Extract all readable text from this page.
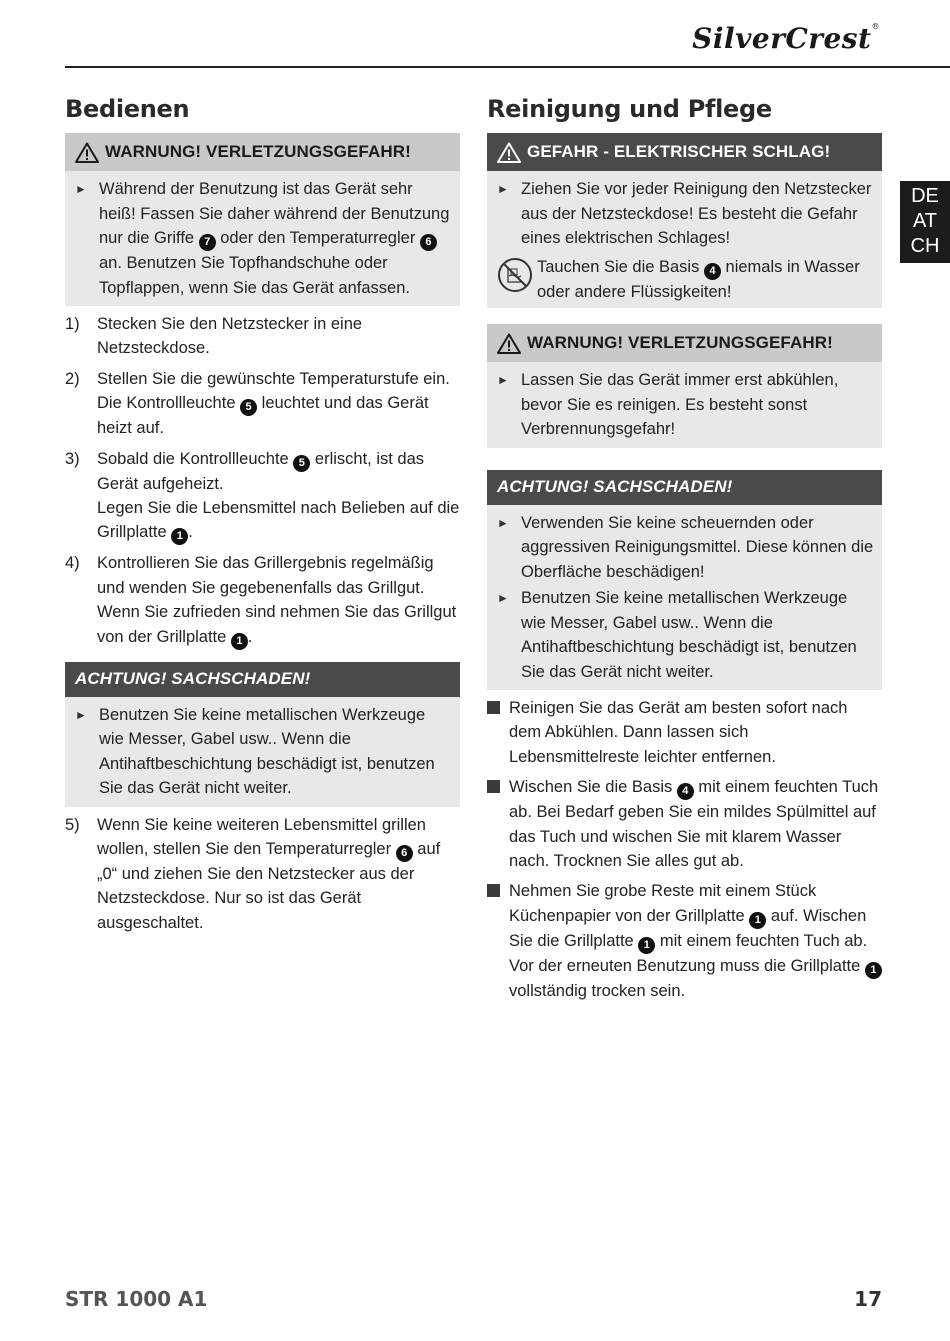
SilverCrest®
DE
AT
CH
Bedienen
WARNUNG! VERLETZUNGSGEFAHR!
► Während der Benutzung ist das Gerät sehr heiß! Fassen Sie daher während der Benutzung nur die Griffe 7 oder den Temperaturregler 6 an. Benutzen Sie Topfhandschuhe oder Topflappen, wenn Sie das Gerät anfassen.
1)	Stecken Sie den Netzstecker in eine Netzsteckdose.
2)	Stellen Sie die gewünschte Temperaturstufe ein. Die Kontrollleuchte 5 leuchtet und das Gerät heizt auf.
3)	Sobald die Kontrollleuchte 5 erlischt, ist das Gerät aufgeheizt.
Legen Sie die Lebensmittel nach Belieben auf die Grillplatte 1 .
4)	Kontrollieren Sie das Grillergebnis regelmäßig und wenden Sie gegebenenfalls das Grillgut. Wenn Sie zufrieden sind nehmen Sie das Grillgut von der Grillplatte 1 .
ACHTUNG! SACHSCHADEN!
► Benutzen Sie keine metallischen Werkzeuge wie Messer, Gabel usw.. Wenn die Antihaftbeschichtung beschädigt ist, benutzen Sie das Gerät nicht weiter.
5)	Wenn Sie keine weiteren Lebensmittel grillen wollen, stellen Sie den Temperaturregler 6 auf „0“ und ziehen Sie den Netzstecker aus der Netzsteckdose. Nur so ist das Gerät ausgeschaltet.
Reinigung und Pflege
GEFAHR - ELEKTRISCHER SCHLAG!
► Ziehen Sie vor jeder Reinigung den Netzstecker aus der Netzsteckdose! Es besteht die Gefahr eines elektrischen Schlages!
Tauchen Sie die Basis 4 niemals in Wasser oder andere Flüssigkeiten!
WARNUNG! VERLETZUNGSGEFAHR!
► Lassen Sie das Gerät immer erst abkühlen, bevor Sie es reinigen. Es besteht sonst Verbrennungsgefahr!
ACHTUNG! SACHSCHADEN!
► Verwenden Sie keine scheuernden oder aggressiven Reinigungsmittel. Diese können die Oberfläche beschädigen!
► Benutzen Sie keine metallischen Werkzeuge wie Messer, Gabel usw.. Wenn die Antihaftbeschichtung beschädigt ist, benutzen Sie das Gerät nicht weiter.
Reinigen Sie das Gerät am besten sofort nach dem Abkühlen. Dann lassen sich Lebensmittelreste leichter entfernen.
Wischen Sie die Basis 4 mit einem feuchten Tuch ab. Bei Bedarf geben Sie ein mildes Spülmittel auf das Tuch und wischen Sie mit klarem Wasser nach. Trocknen Sie alles gut ab.
Nehmen Sie grobe Reste mit einem Stück Küchenpapier von der Grillplatte 1 auf. Wischen Sie die Grillplatte 1 mit einem feuchten Tuch ab. Vor der erneuten Benutzung muss die Grillplatte 1 vollständig trocken sein.
STR 1000 A1	17
